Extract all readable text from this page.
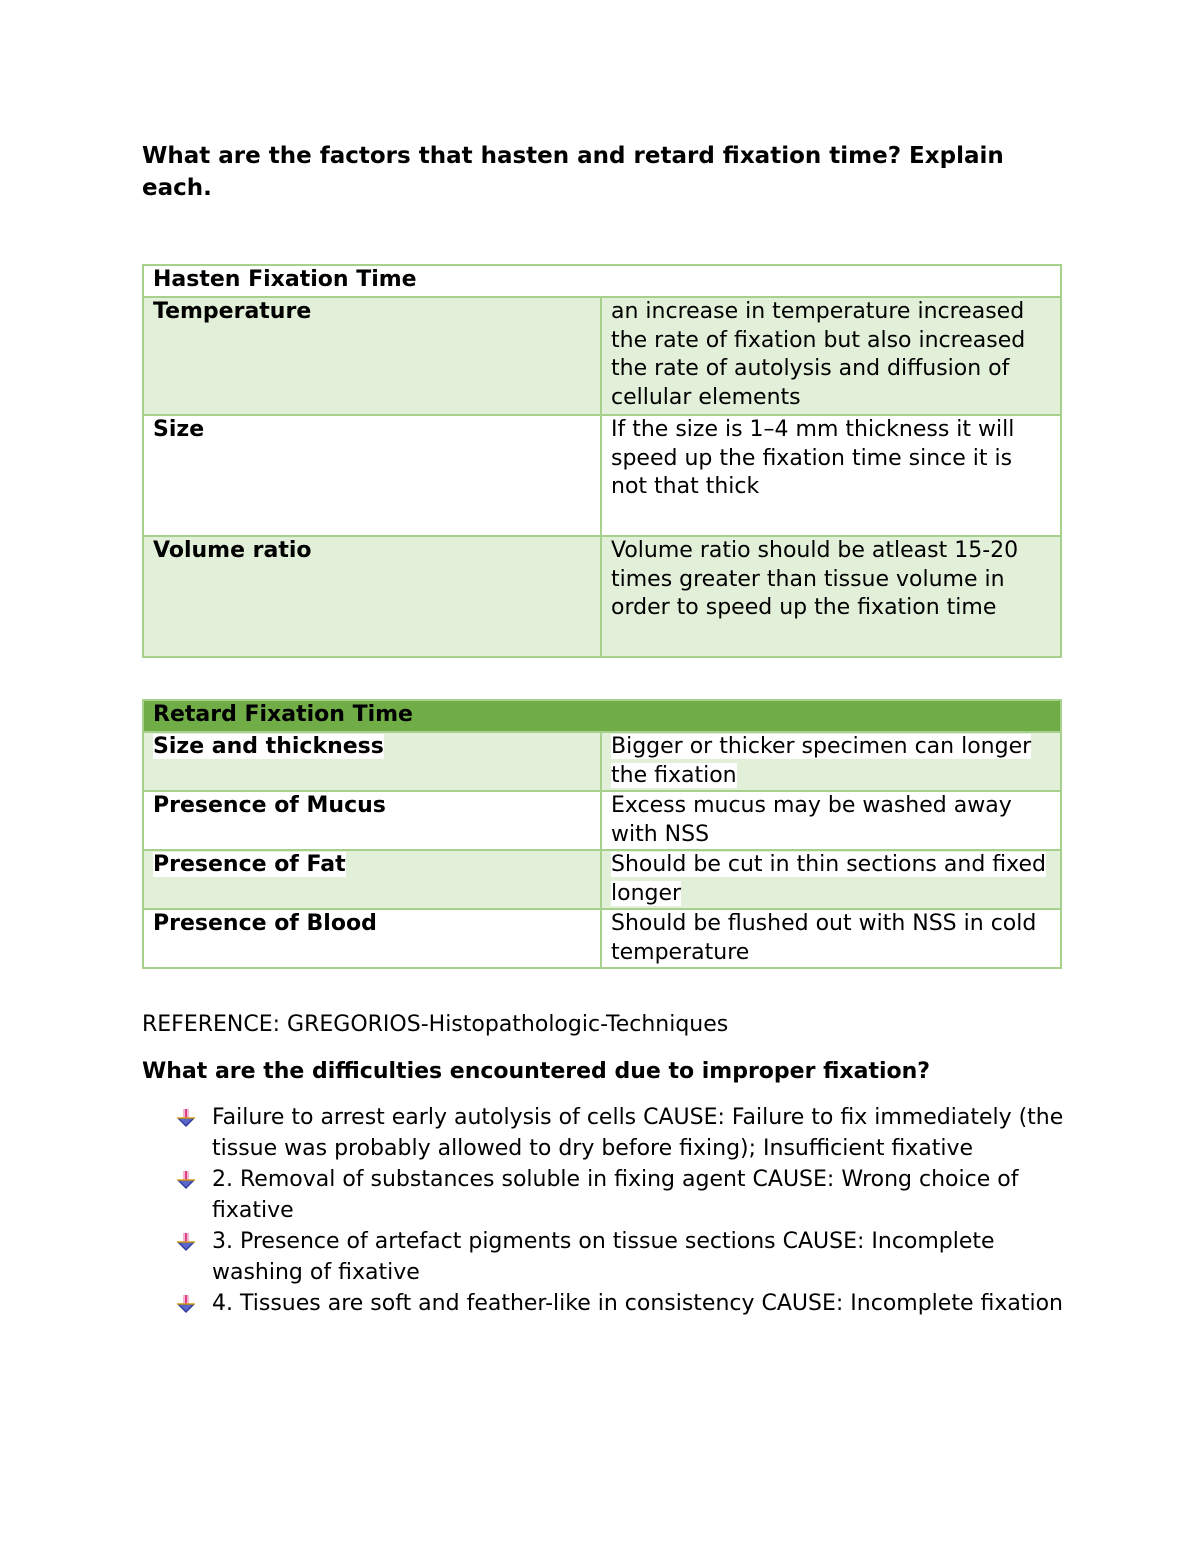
What are the factors that hasten and retard fixation time? Explain each.
Hasten Fixation Time	
Temperature	an increase in temperature increased the rate of fixation but also increased the rate of autolysis and diffusion of cellular elements
Size	If the size is 1–4 mm thickness it will speed up the fixation time since it is not that thick
Volume ratio	Volume ratio should be atleast 15-20 times greater than tissue volume in order to speed up the fixation time
Retard Fixation Time	
Size and thickness	Bigger or thicker specimen can longer the fixation
Presence of Mucus	Excess mucus may be washed away with NSS
Presence of Fat	Should be cut in thin sections and fixed longer
Presence of Blood	Should be flushed out with NSS in cold temperature
REFERENCE: GREGORIOS-Histopathologic-Techniques
What are the difficulties encountered due to improper fixation?
Failure to arrest early autolysis of cells CAUSE: Failure to fix immediately (the tissue was probably allowed to dry before fixing); Insufficient fixative
2. Removal of substances soluble in fixing agent CAUSE: Wrong choice of fixative
3. Presence of artefact pigments on tissue sections CAUSE: Incomplete washing of fixative
4. Tissues are soft and feather-like in consistency CAUSE: Incomplete fixation
